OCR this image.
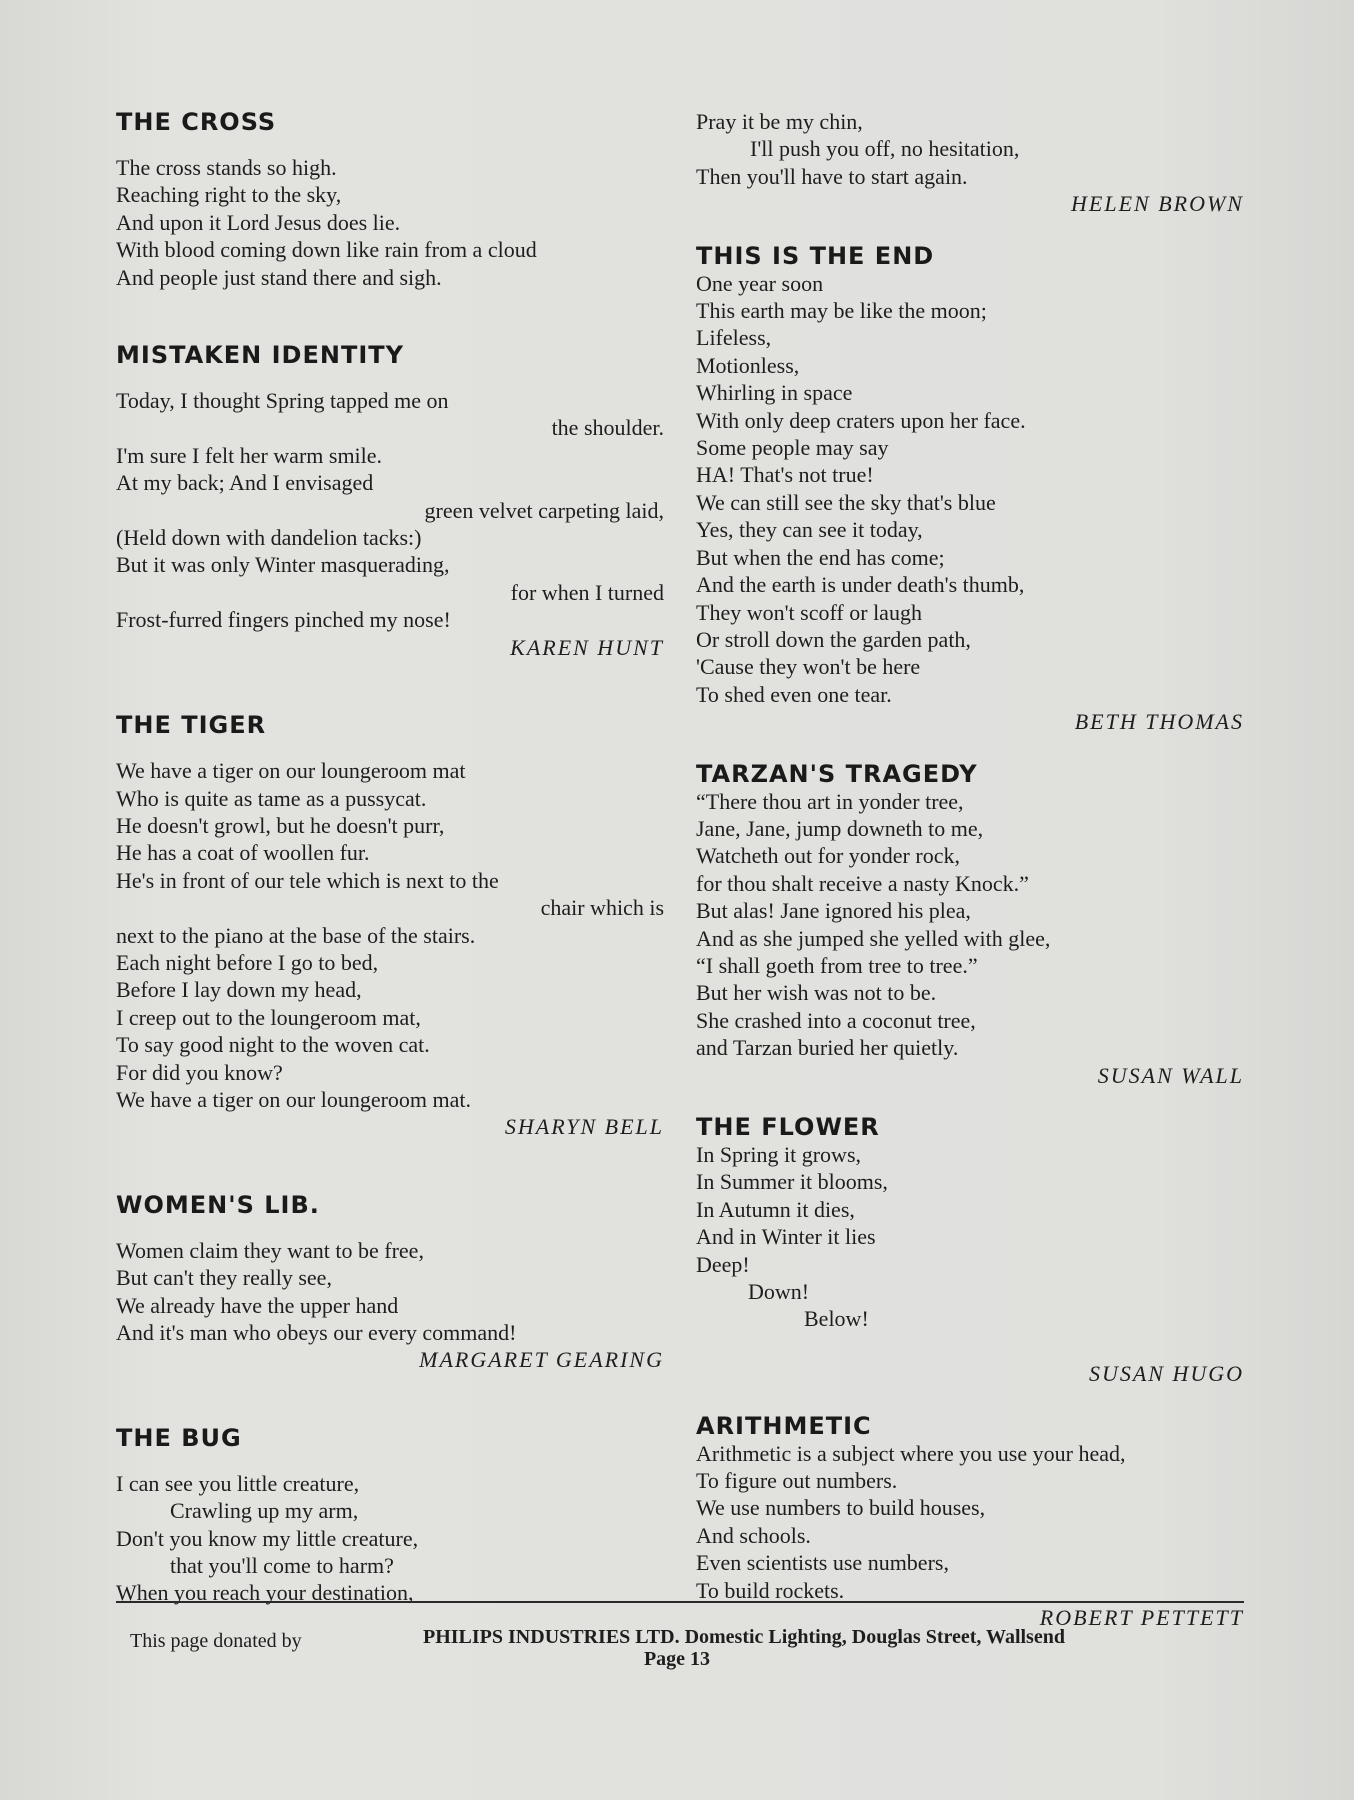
THE CROSS
The cross stands so high.
Reaching right to the sky,
And upon it Lord Jesus does lie.
With blood coming down like rain from a cloud
And people just stand there and sigh.
MISTAKEN IDENTITY
Today, I thought Spring tapped me on
the shoulder.
I'm sure I felt her warm smile.
At my back; And I envisaged
green velvet carpeting laid,
(Held down with dandelion tacks:)
But it was only Winter masquerading,
for when I turned
Frost-furred fingers pinched my nose!
KAREN HUNT
THE TIGER
We have a tiger on our loungeroom mat
Who is quite as tame as a pussycat.
He doesn't growl, but he doesn't purr,
He has a coat of woollen fur.
He's in front of our tele which is next to the
chair which is
next to the piano at the base of the stairs.
Each night before I go to bed,
Before I lay down my head,
I creep out to the loungeroom mat,
To say good night to the woven cat.
For did you know?
We have a tiger on our loungeroom mat.
SHARYN BELL
WOMEN'S LIB.
Women claim they want to be free,
But can't they really see,
We already have the upper hand
And it's man who obeys our every command!
MARGARET GEARING
THE BUG
I can see you little creature,
Crawling up my arm,
Don't you know my little creature,
that you'll come to harm?
When you reach your destination,
Pray it be my chin,
I'll push you off, no hesitation,
Then you'll have to start again.
HELEN BROWN
THIS IS THE END
One year soon
This earth may be like the moon;
Lifeless,
Motionless,
Whirling in space
With only deep craters upon her face.
Some people may say
HA! That's not true!
We can still see the sky that's blue
Yes, they can see it today,
But when the end has come;
And the earth is under death's thumb,
They won't scoff or laugh
Or stroll down the garden path,
'Cause they won't be here
To shed even one tear.
BETH THOMAS
TARZAN'S TRAGEDY
“There thou art in yonder tree,
Jane, Jane, jump downeth to me,
Watcheth out for yonder rock,
for thou shalt receive a nasty Knock.”
But alas! Jane ignored his plea,
And as she jumped she yelled with glee,
“I shall goeth from tree to tree.”
But her wish was not to be.
She crashed into a coconut tree,
and Tarzan buried her quietly.
SUSAN WALL
THE FLOWER
In Spring it grows,
In Summer it blooms,
In Autumn it dies,
And in Winter it lies
Deep!
Down!
Below!

SUSAN HUGO
ARITHMETIC
Arithmetic is a subject where you use your head,
To figure out numbers.
We use numbers to build houses,
And schools.
Even scientists use numbers,
To build rockets.
ROBERT PETTETT
This page donated by	PHILIPS INDUSTRIES LTD. Domestic Lighting, Douglas Street, Wallsend
Page 13
